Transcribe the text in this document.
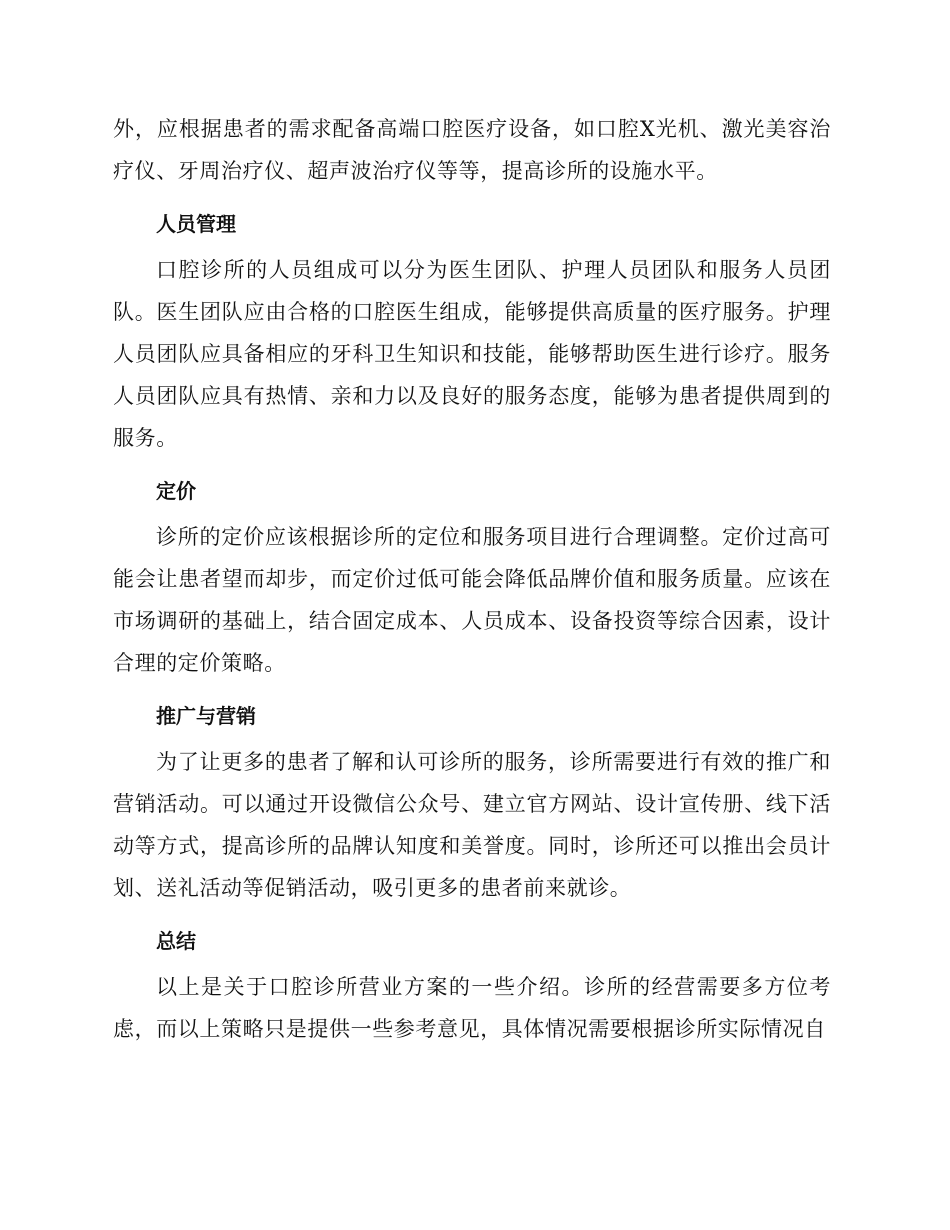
外，应根据患者的需求配备高端口腔医疗设备，如口腔X光机、激光美容治疗仪、牙周治疗仪、超声波治疗仪等等，提高诊所的设施水平。

人员管理

口腔诊所的人员组成可以分为医生团队、护理人员团队和服务人员团队。医生团队应由合格的口腔医生组成，能够提供高质量的医疗服务。护理人员团队应具备相应的牙科卫生知识和技能，能够帮助医生进行诊疗。服务人员团队应具有热情、亲和力以及良好的服务态度，能够为患者提供周到的服务。

定价

诊所的定价应该根据诊所的定位和服务项目进行合理调整。定价过高可能会让患者望而却步，而定价过低可能会降低品牌价值和服务质量。应该在市场调研的基础上，结合固定成本、人员成本、设备投资等综合因素，设计合理的定价策略。

推广与营销

为了让更多的患者了解和认可诊所的服务，诊所需要进行有效的推广和营销活动。可以通过开设微信公众号、建立官方网站、设计宣传册、线下活动等方式，提高诊所的品牌认知度和美誉度。同时，诊所还可以推出会员计划、送礼活动等促销活动，吸引更多的患者前来就诊。

总结

以上是关于口腔诊所营业方案的一些介绍。诊所的经营需要多方位考虑，而以上策略只是提供一些参考意见，具体情况需要根据诊所实际情况自
